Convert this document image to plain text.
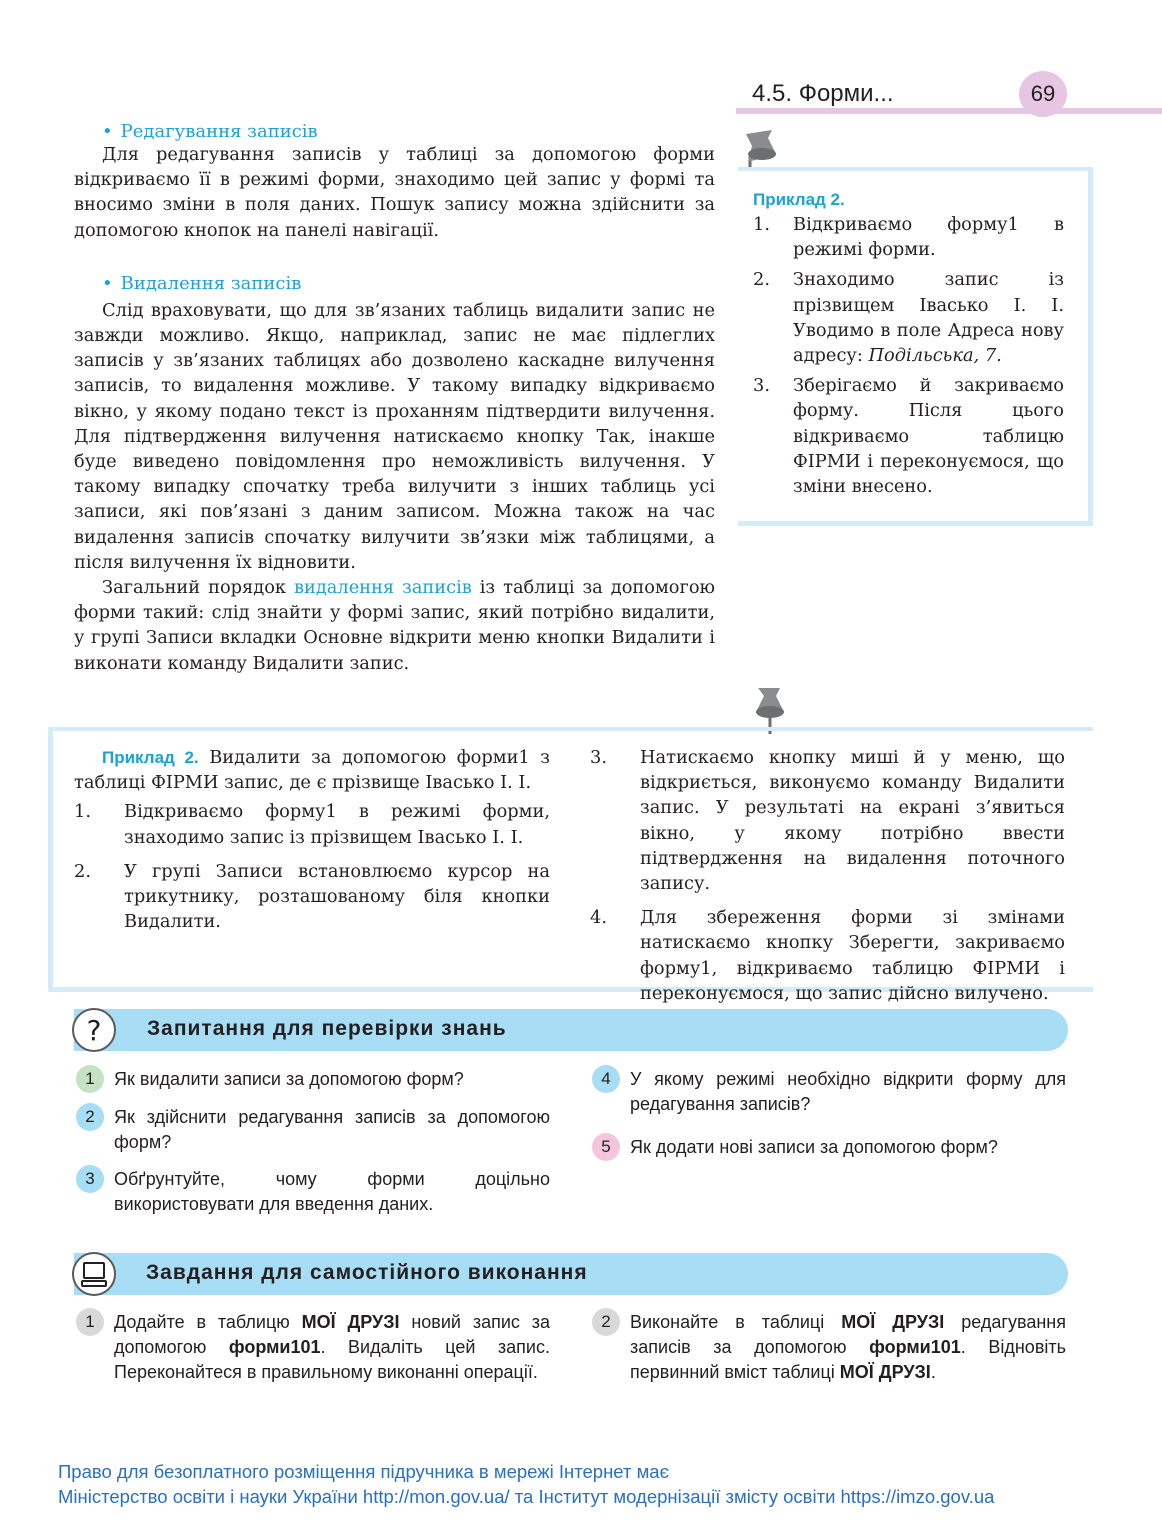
4.5. Форми...	69

• Редагування записів

Для редагування записів у таблиці за допомогою форми відкриваємо її в режимі форми, знаходимо цей запис у формі та вносимо зміни в поля даних. Пошук запису можна здійснити за допомогою кнопок на панелі навігації.

• Видалення записів

Слід враховувати, що для зв’язаних таблиць видалити запис не завжди можливо. Якщо, наприклад, запис не має підлеглих записів у зв’язаних таблицях або дозволено каскадне вилучення записів, то видалення можливе. У такому випадку відкриваємо вікно, у якому подано текст із проханням підтвердити вилучення. Для підтвердження вилучення натискаємо кнопку Так, інакше буде виведено повідомлення про неможливість вилучення. У такому випадку спочатку треба вилучити з інших таблиць усі записи, які пов’язані з даним записом. Можна також на час видалення записів спочатку вилучити зв’язки між таблицями, а після вилучення їх відновити.

Загальний порядок видалення записів із таблиці за допомогою форми такий: слід знайти у формі запис, який потрібно видалити, у групі Записи вкладки Основне відкрити меню кнопки Видалити і виконати команду Видалити запис.

Приклад 2.

1.	Відкриваємо форму1 в режимі форми.
2.	Знаходимо запис із прізвищем Івасько І. І. Уводимо в поле Адреса нову адресу: Подільська, 7.
3.	Зберігаємо й закриваємо форму. Після цього відкриваємо таблицю ФІРМИ і переконуємося, що зміни внесено.

Приклад 2. Видалити за допомогою форми1 з таблиці ФІРМИ запис, де є прізвище Івасько І. І.

1.	Відкриваємо форму1 в режимі форми, знаходимо запис із прізвищем Івасько І. І.
2.	У групі Записи встановлюємо курсор на трикутнику, розташованому біля кнопки Видалити.
3.	Натискаємо кнопку миші й у меню, що відкриється, виконуємо команду Видалити запис. У результаті на екрані з’явиться вікно, у якому потрібно ввести підтвердження на видалення поточного запису.
4.	Для збереження форми зі змінами натискаємо кнопку Зберегти, закриваємо форму1, відкриваємо таблицю ФІРМИ і переконуємося, що запис дійсно вилучено.
? Запитання для перевірки знань
1	Як видалити записи за допомогою форм?
2	Як здійснити редагування записів за допомогою форм?
3	Обґрунтуйте, чому форми доцільно використовувати для введення даних.
4	У якому режимі необхідно відкрити форму для редагування записів?
5	Як додати нові записи за допомогою форм?
Завдання для самостійного виконання
1	Додайте в таблицю МОЇ ДРУЗІ новий запис за допомогою форми101. Видаліть цей запис. Переконайтеся в правильному виконанні операції.
2	Виконайте в таблиці МОЇ ДРУЗІ редагування записів за допомогою форми101. Відновіть первинний вміст таблиці МОЇ ДРУЗІ.
Право для безоплатного розміщення підручника в мережі Інтернет має
Міністерство освіти і науки України http://mon.gov.ua/ та Інститут модернізації змісту освіти https://imzo.gov.ua
